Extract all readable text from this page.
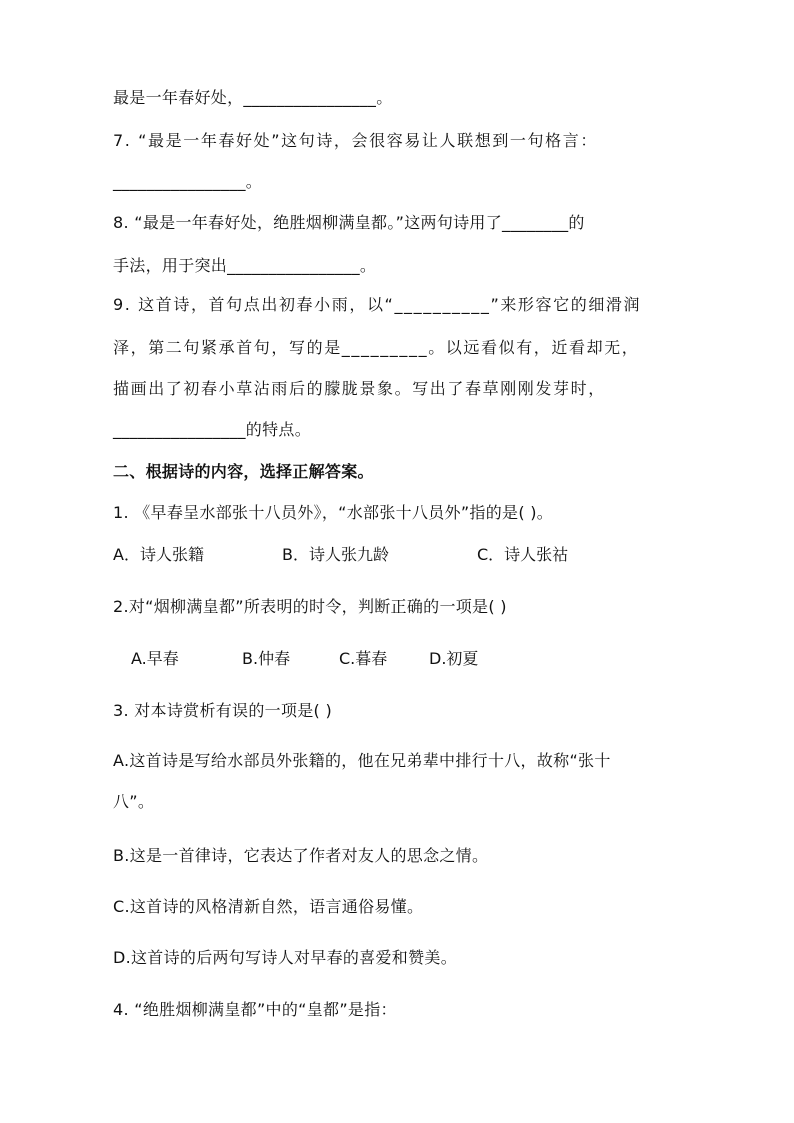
最是一年春好处，________________。
7. “最是一年春好处”这句诗，会很容易让人联想到一句格言：
________________。
8. “最是一年春好处，绝胜烟柳满皇都。”这两句诗用了________的
手法，用于突出________________。
9. 这首诗，首句点出初春小雨，以“__________”来形容它的细滑润
泽，第二句紧承首句，写的是_________。以远看似有，近看却无，
描画出了初春小草沾雨后的朦胧景象。写出了春草刚刚发芽时，
________________的特点。
二、根据诗的内容，选择正解答案。
1. 《早春呈水部张十八员外》，“水部张十八员外”指的是( )。
A．诗人张籍	B．诗人张九龄	C．诗人张祜
2.对“烟柳满皇都”所表明的时令，判断正确的一项是( )
A.早春	B.仲春	C.暮春	D.初夏
3. 对本诗赏析有误的一项是( )
A.这首诗是写给水部员外张籍的，他在兄弟辈中排行十八，故称“张十
八”。
B.这是一首律诗，它表达了作者对友人的思念之情。
C.这首诗的风格清新自然，语言通俗易懂。
D.这首诗的后两句写诗人对早春的喜爱和赞美。
4. “绝胜烟柳满皇都”中的“皇都”是指：
